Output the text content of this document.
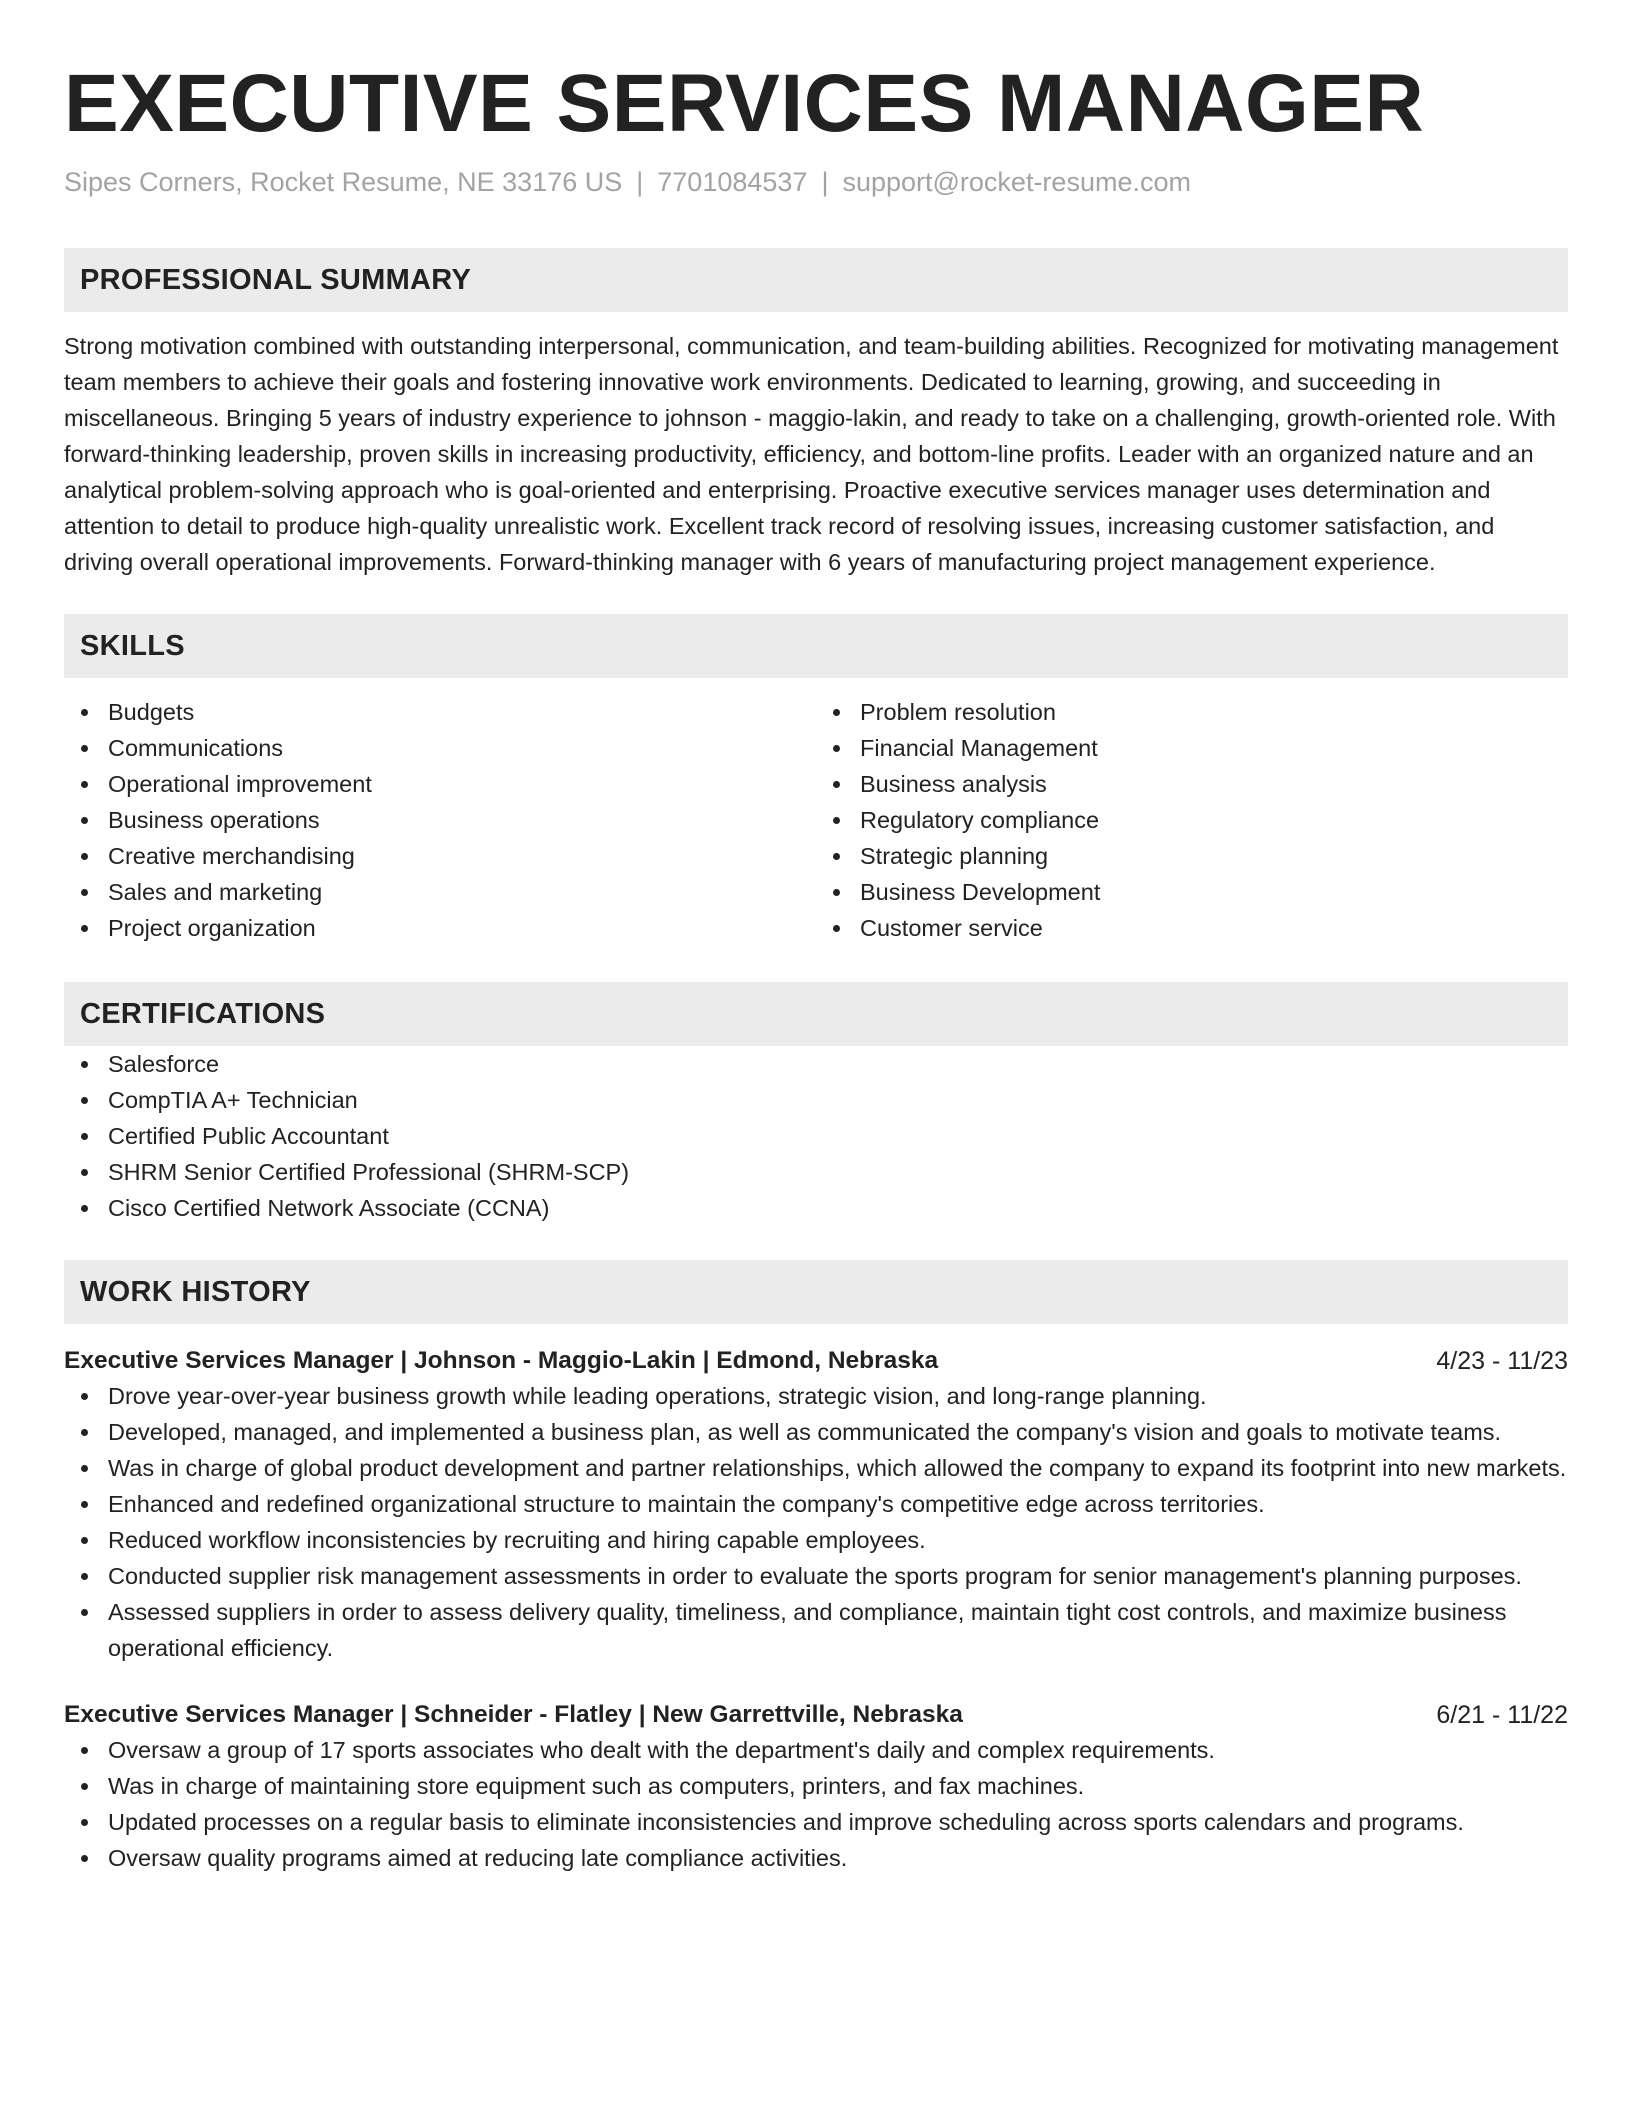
EXECUTIVE SERVICES MANAGER
Sipes Corners, Rocket Resume, NE 33176 US | 7701084537 | support@rocket-resume.com
PROFESSIONAL SUMMARY

Strong motivation combined with outstanding interpersonal, communication, and team-building abilities. Recognized for motivating management team members to achieve their goals and fostering innovative work environments. Dedicated to learning, growing, and succeeding in miscellaneous. Bringing 5 years of industry experience to johnson - maggio-lakin, and ready to take on a challenging, growth-oriented role. With forward-thinking leadership, proven skills in increasing productivity, efficiency, and bottom-line profits. Leader with an organized nature and an analytical problem-solving approach who is goal-oriented and enterprising. Proactive executive services manager uses determination and attention to detail to produce high-quality unrealistic work. Excellent track record of resolving issues, increasing customer satisfaction, and driving overall operational improvements. Forward-thinking manager with 6 years of manufacturing project management experience.

SKILLS
Budgets
Communications
Operational improvement
Business operations
Creative merchandising
Sales and marketing
Project organization
Problem resolution
Financial Management
Business analysis
Regulatory compliance
Strategic planning
Business Development
Customer service
CERTIFICATIONS
Salesforce
CompTIA A+ Technician
Certified Public Accountant
SHRM Senior Certified Professional (SHRM-SCP)
Cisco Certified Network Associate (CCNA)
WORK HISTORY
Executive Services Manager | Johnson - Maggio-Lakin | Edmond, Nebraska	4/23 - 11/23
Drove year-over-year business growth while leading operations, strategic vision, and long-range planning.
Developed, managed, and implemented a business plan, as well as communicated the company's vision and goals to motivate teams.
Was in charge of global product development and partner relationships, which allowed the company to expand its footprint into new markets.
Enhanced and redefined organizational structure to maintain the company's competitive edge across territories.
Reduced workflow inconsistencies by recruiting and hiring capable employees.
Conducted supplier risk management assessments in order to evaluate the sports program for senior management's planning purposes.
Assessed suppliers in order to assess delivery quality, timeliness, and compliance, maintain tight cost controls, and maximize business operational efficiency.
Executive Services Manager | Schneider - Flatley | New Garrettville, Nebraska	6/21 - 11/22
Oversaw a group of 17 sports associates who dealt with the department's daily and complex requirements.
Was in charge of maintaining store equipment such as computers, printers, and fax machines.
Updated processes on a regular basis to eliminate inconsistencies and improve scheduling across sports calendars and programs.
Oversaw quality programs aimed at reducing late compliance activities.
